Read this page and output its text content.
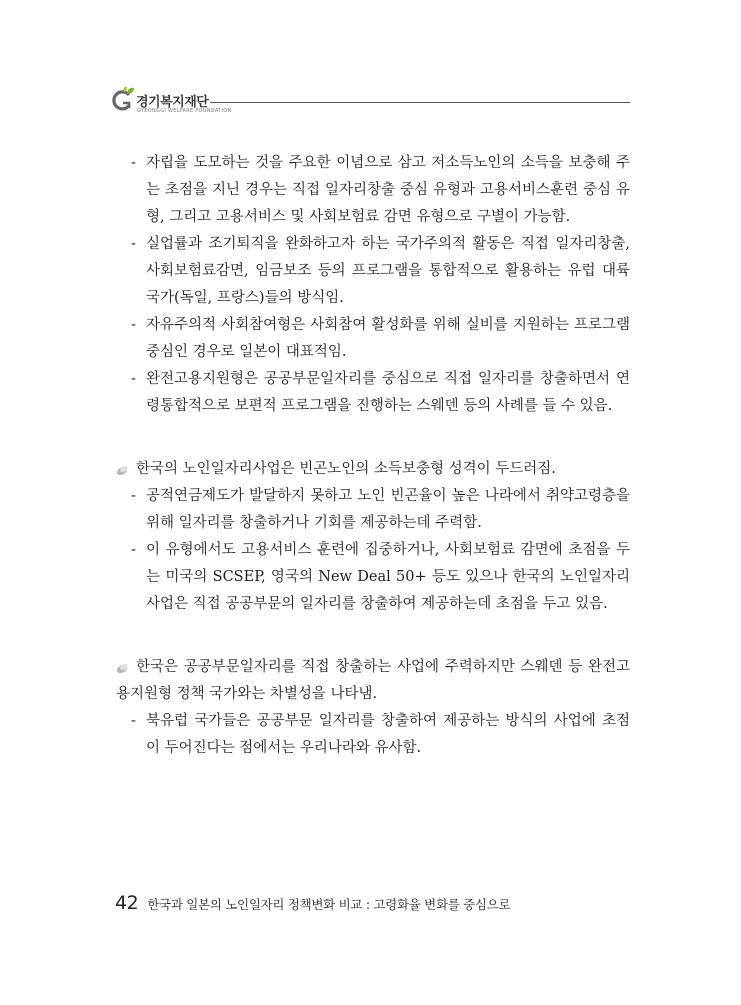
경기복지재단
GYEONGGI WELFARE FOUNDATION
- 자립을 도모하는 것을 주요한 이념으로 삼고 저소득노인의 소득을 보충해 주는 초점을 지닌 경우는 직접 일자리창출 중심 유형과 고용서비스훈련 중심 유형, 그리고 고용서비스 및 사회보험료 감면 유형으로 구별이 가능함.
- 실업률과 조기퇴직을 완화하고자 하는 국가주의적 활동은 직접 일자리창출, 사회보험료감면, 임금보조 등의 프로그램을 통합적으로 활용하는 유럽 대륙국가(독일, 프랑스)들의 방식임.
- 자유주의적 사회참여형은 사회참여 활성화를 위해 실비를 지원하는 프로그램 중심인 경우로 일본이 대표적임.
- 완전고용지원형은 공공부문일자리를 중심으로 직접 일자리를 창출하면서 연령통합적으로 보편적 프로그램을 진행하는 스웨덴 등의 사례를 들 수 있음.
한국의 노인일자리사업은 빈곤노인의 소득보충형 성격이 두드러짐.
- 공적연금제도가 발달하지 못하고 노인 빈곤율이 높은 나라에서 취약고령층을 위해 일자리를 창출하거나 기회를 제공하는데 주력함.
- 이 유형에서도 고용서비스 훈련에 집중하거나, 사회보험료 감면에 초점을 두는 미국의 SCSEP, 영국의 New Deal 50+ 등도 있으나 한국의 노인일자리사업은 직접 공공부문의 일자리를 창출하여 제공하는데 초점을 두고 있음.
한국은 공공부문일자리를 직접 창출하는 사업에 주력하지만 스웨덴 등 완전고용지원형 정책 국가와는 차별성을 나타냄.
- 북유럽 국가들은 공공부문 일자리를 창출하여 제공하는 방식의 사업에 초점이 두어진다는 점에서는 우리나라와 유사함.
42 한국과 일본의 노인일자리 정책변화 비교 : 고령화율 변화를 중심으로
